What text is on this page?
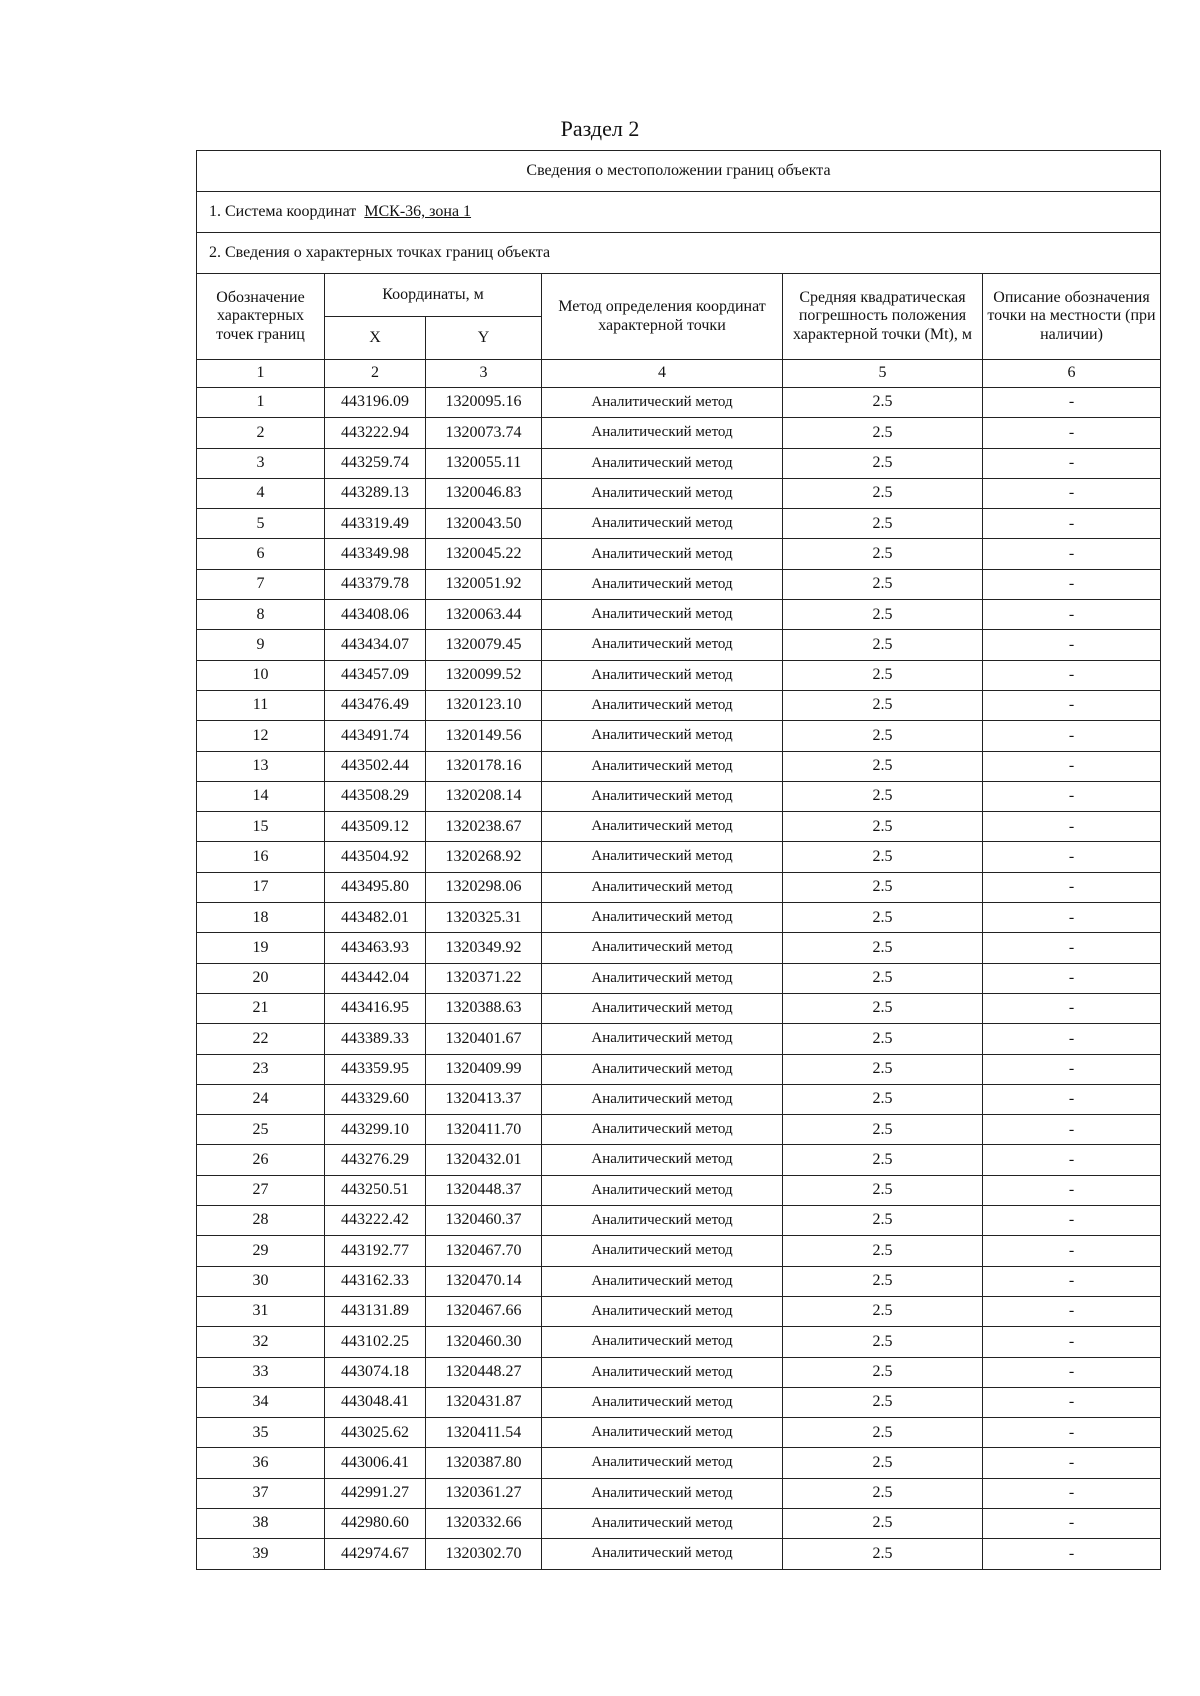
Раздел 2
Сведения о местоположении границ объекта					
1. Система координат МСК-36, зона 1					
2. Сведения о характерных точках границ объекта					
Обозначение характерных точек границ	Координаты, м		Метод определения координат характерной точки	Средняя квадратическая погрешность положения характерной точки (Mt), м	Описание обозначения точки на местности (при наличии)
	X	Y			
1	2	3	4	5	6
1	443196.09	1320095.16	Аналитический метод	2.5	-
2	443222.94	1320073.74	Аналитический метод	2.5	-
3	443259.74	1320055.11	Аналитический метод	2.5	-
4	443289.13	1320046.83	Аналитический метод	2.5	-
5	443319.49	1320043.50	Аналитический метод	2.5	-
6	443349.98	1320045.22	Аналитический метод	2.5	-
7	443379.78	1320051.92	Аналитический метод	2.5	-
8	443408.06	1320063.44	Аналитический метод	2.5	-
9	443434.07	1320079.45	Аналитический метод	2.5	-
10	443457.09	1320099.52	Аналитический метод	2.5	-
11	443476.49	1320123.10	Аналитический метод	2.5	-
12	443491.74	1320149.56	Аналитический метод	2.5	-
13	443502.44	1320178.16	Аналитический метод	2.5	-
14	443508.29	1320208.14	Аналитический метод	2.5	-
15	443509.12	1320238.67	Аналитический метод	2.5	-
16	443504.92	1320268.92	Аналитический метод	2.5	-
17	443495.80	1320298.06	Аналитический метод	2.5	-
18	443482.01	1320325.31	Аналитический метод	2.5	-
19	443463.93	1320349.92	Аналитический метод	2.5	-
20	443442.04	1320371.22	Аналитический метод	2.5	-
21	443416.95	1320388.63	Аналитический метод	2.5	-
22	443389.33	1320401.67	Аналитический метод	2.5	-
23	443359.95	1320409.99	Аналитический метод	2.5	-
24	443329.60	1320413.37	Аналитический метод	2.5	-
25	443299.10	1320411.70	Аналитический метод	2.5	-
26	443276.29	1320432.01	Аналитический метод	2.5	-
27	443250.51	1320448.37	Аналитический метод	2.5	-
28	443222.42	1320460.37	Аналитический метод	2.5	-
29	443192.77	1320467.70	Аналитический метод	2.5	-
30	443162.33	1320470.14	Аналитический метод	2.5	-
31	443131.89	1320467.66	Аналитический метод	2.5	-
32	443102.25	1320460.30	Аналитический метод	2.5	-
33	443074.18	1320448.27	Аналитический метод	2.5	-
34	443048.41	1320431.87	Аналитический метод	2.5	-
35	443025.62	1320411.54	Аналитический метод	2.5	-
36	443006.41	1320387.80	Аналитический метод	2.5	-
37	442991.27	1320361.27	Аналитический метод	2.5	-
38	442980.60	1320332.66	Аналитический метод	2.5	-
39	442974.67	1320302.70	Аналитический метод	2.5	-
